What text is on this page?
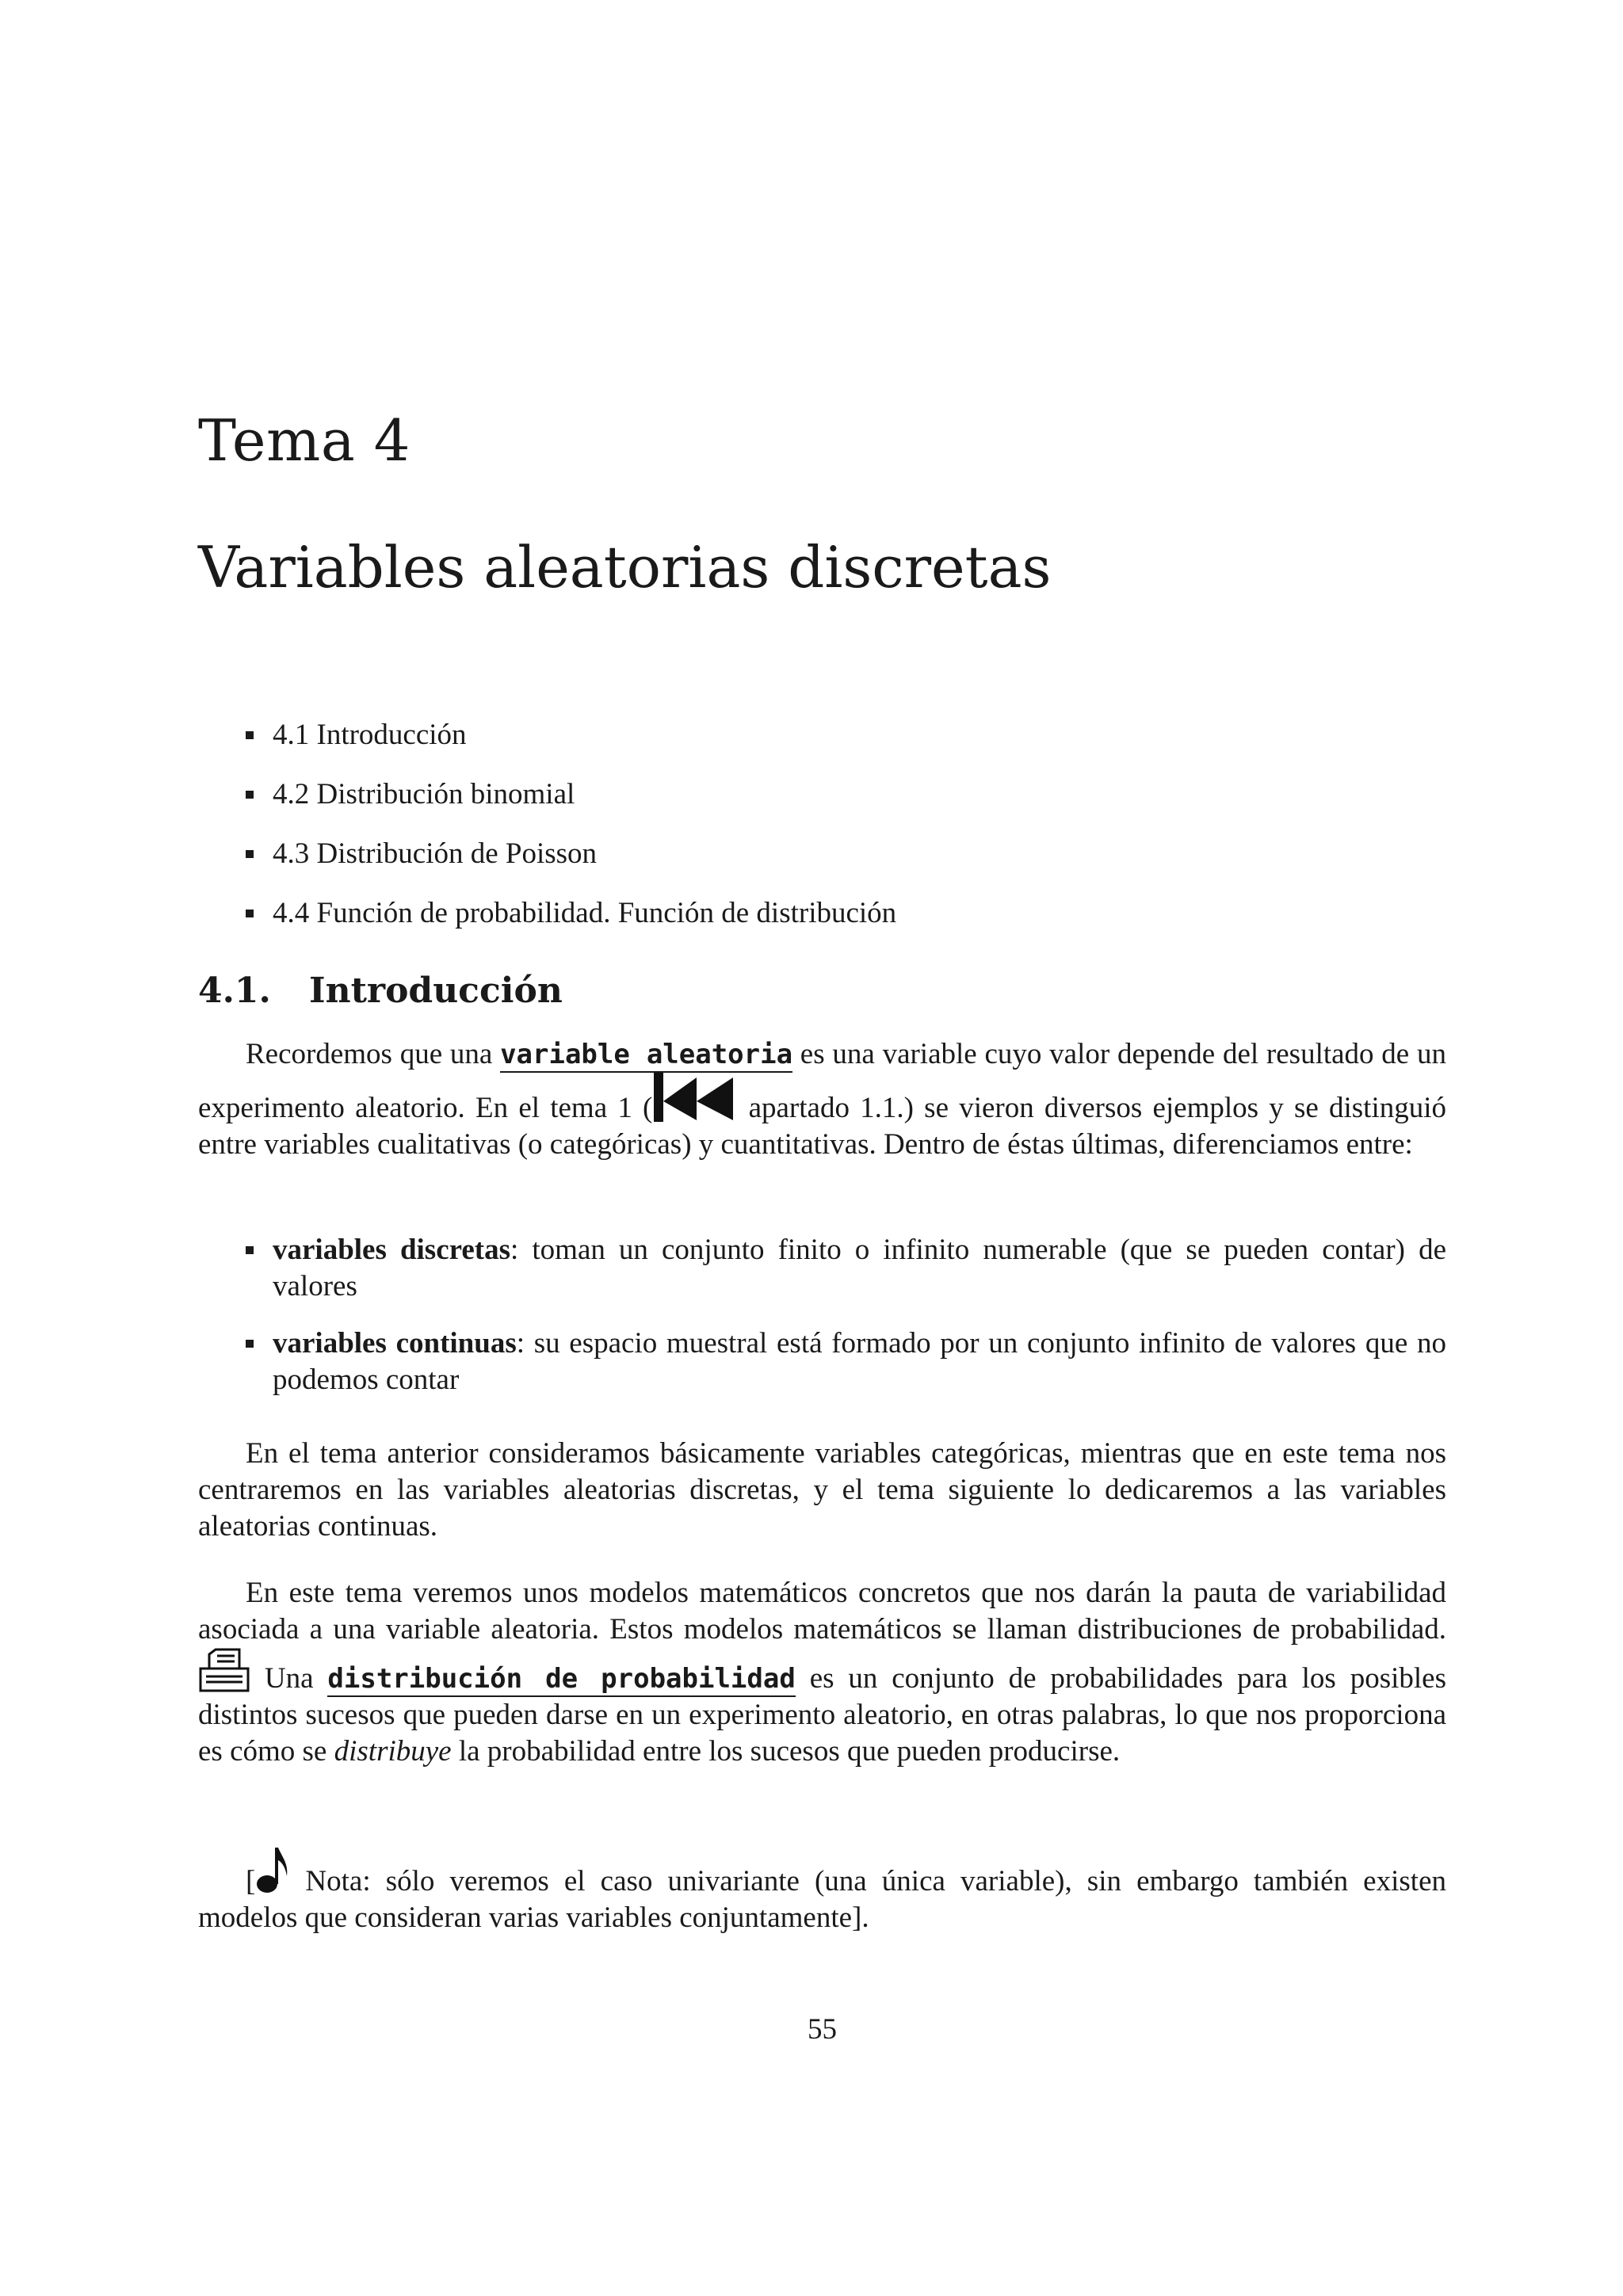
Tema 4
Variables aleatorias discretas
4.1 Introducción
4.2 Distribución binomial
4.3 Distribución de Poisson
4.4 Función de probabilidad. Función de distribución
4.1. Introducción

Recordemos que una variable aleatoria es una variable cuyo valor depende del resultado de un experimento aleatorio. En el tema 1 (	apartado 1.1.) se vieron diversos ejemplos y se distinguió entre variables cualitativas (o categóricas) y cuantitativas. Dentro de éstas últimas, diferenciamos entre:

variables discretas: toman un conjunto finito o infinito numerable (que se pueden contar) de valores
variables continuas: su espacio muestral está formado por un conjunto infinito de valores que no podemos contar

En el tema anterior consideramos básicamente variables categóricas, mientras que en este tema nos centraremos en las variables aleatorias discretas, y el tema siguiente lo dedicaremos a las variables aleatorias continuas.

En este tema veremos unos modelos matemáticos concretos que nos darán la pauta de variabilidad asociada a una variable aleatoria. Estos modelos matemáticos se llaman distribuciones de probabilidad.  Una distribución de probabilidad es un conjunto de probabilidades para los posibles distintos sucesos que pueden darse en un experimento aleatorio, en otras palabras, lo que nos proporciona es cómo se distribuye la probabilidad entre los sucesos que pueden producirse.

[ Nota: sólo veremos el caso univariante (una única variable), sin embargo también existen modelos que consideran varias variables conjuntamente].

55
